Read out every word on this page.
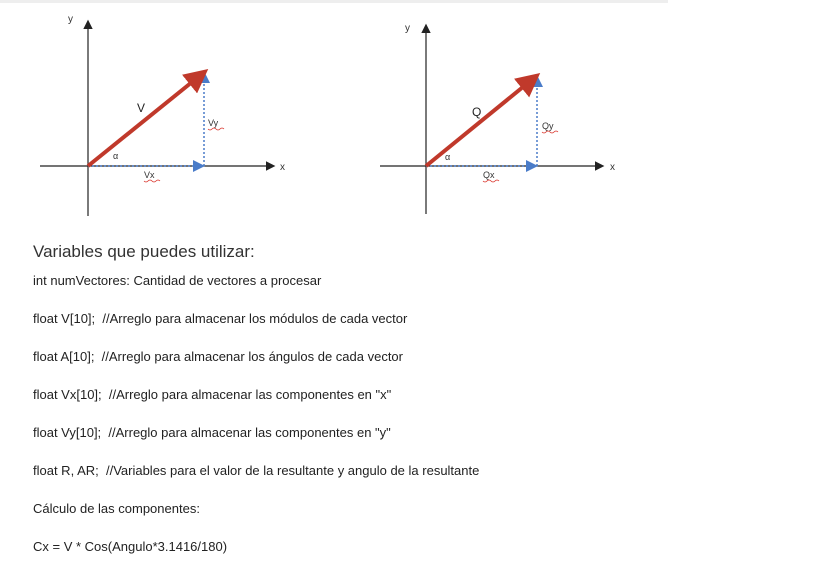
y
x
V
α
Vx
Vy
y
x
Q
α
Qx
Qy
Variables que puedes utilizar:
int numVectores: Cantidad de vectores a procesar
float V[10];  //Arreglo para almacenar los módulos de cada vector
float A[10];  //Arreglo para almacenar los ángulos de cada vector
float Vx[10];  //Arreglo para almacenar las componentes en "x"
float Vy[10];  //Arreglo para almacenar las componentes en "y"
float R, AR;  //Variables para el valor de la resultante y angulo de la resultante
Cálculo de las componentes:
Cx = V * Cos(Angulo*3.1416/180)
